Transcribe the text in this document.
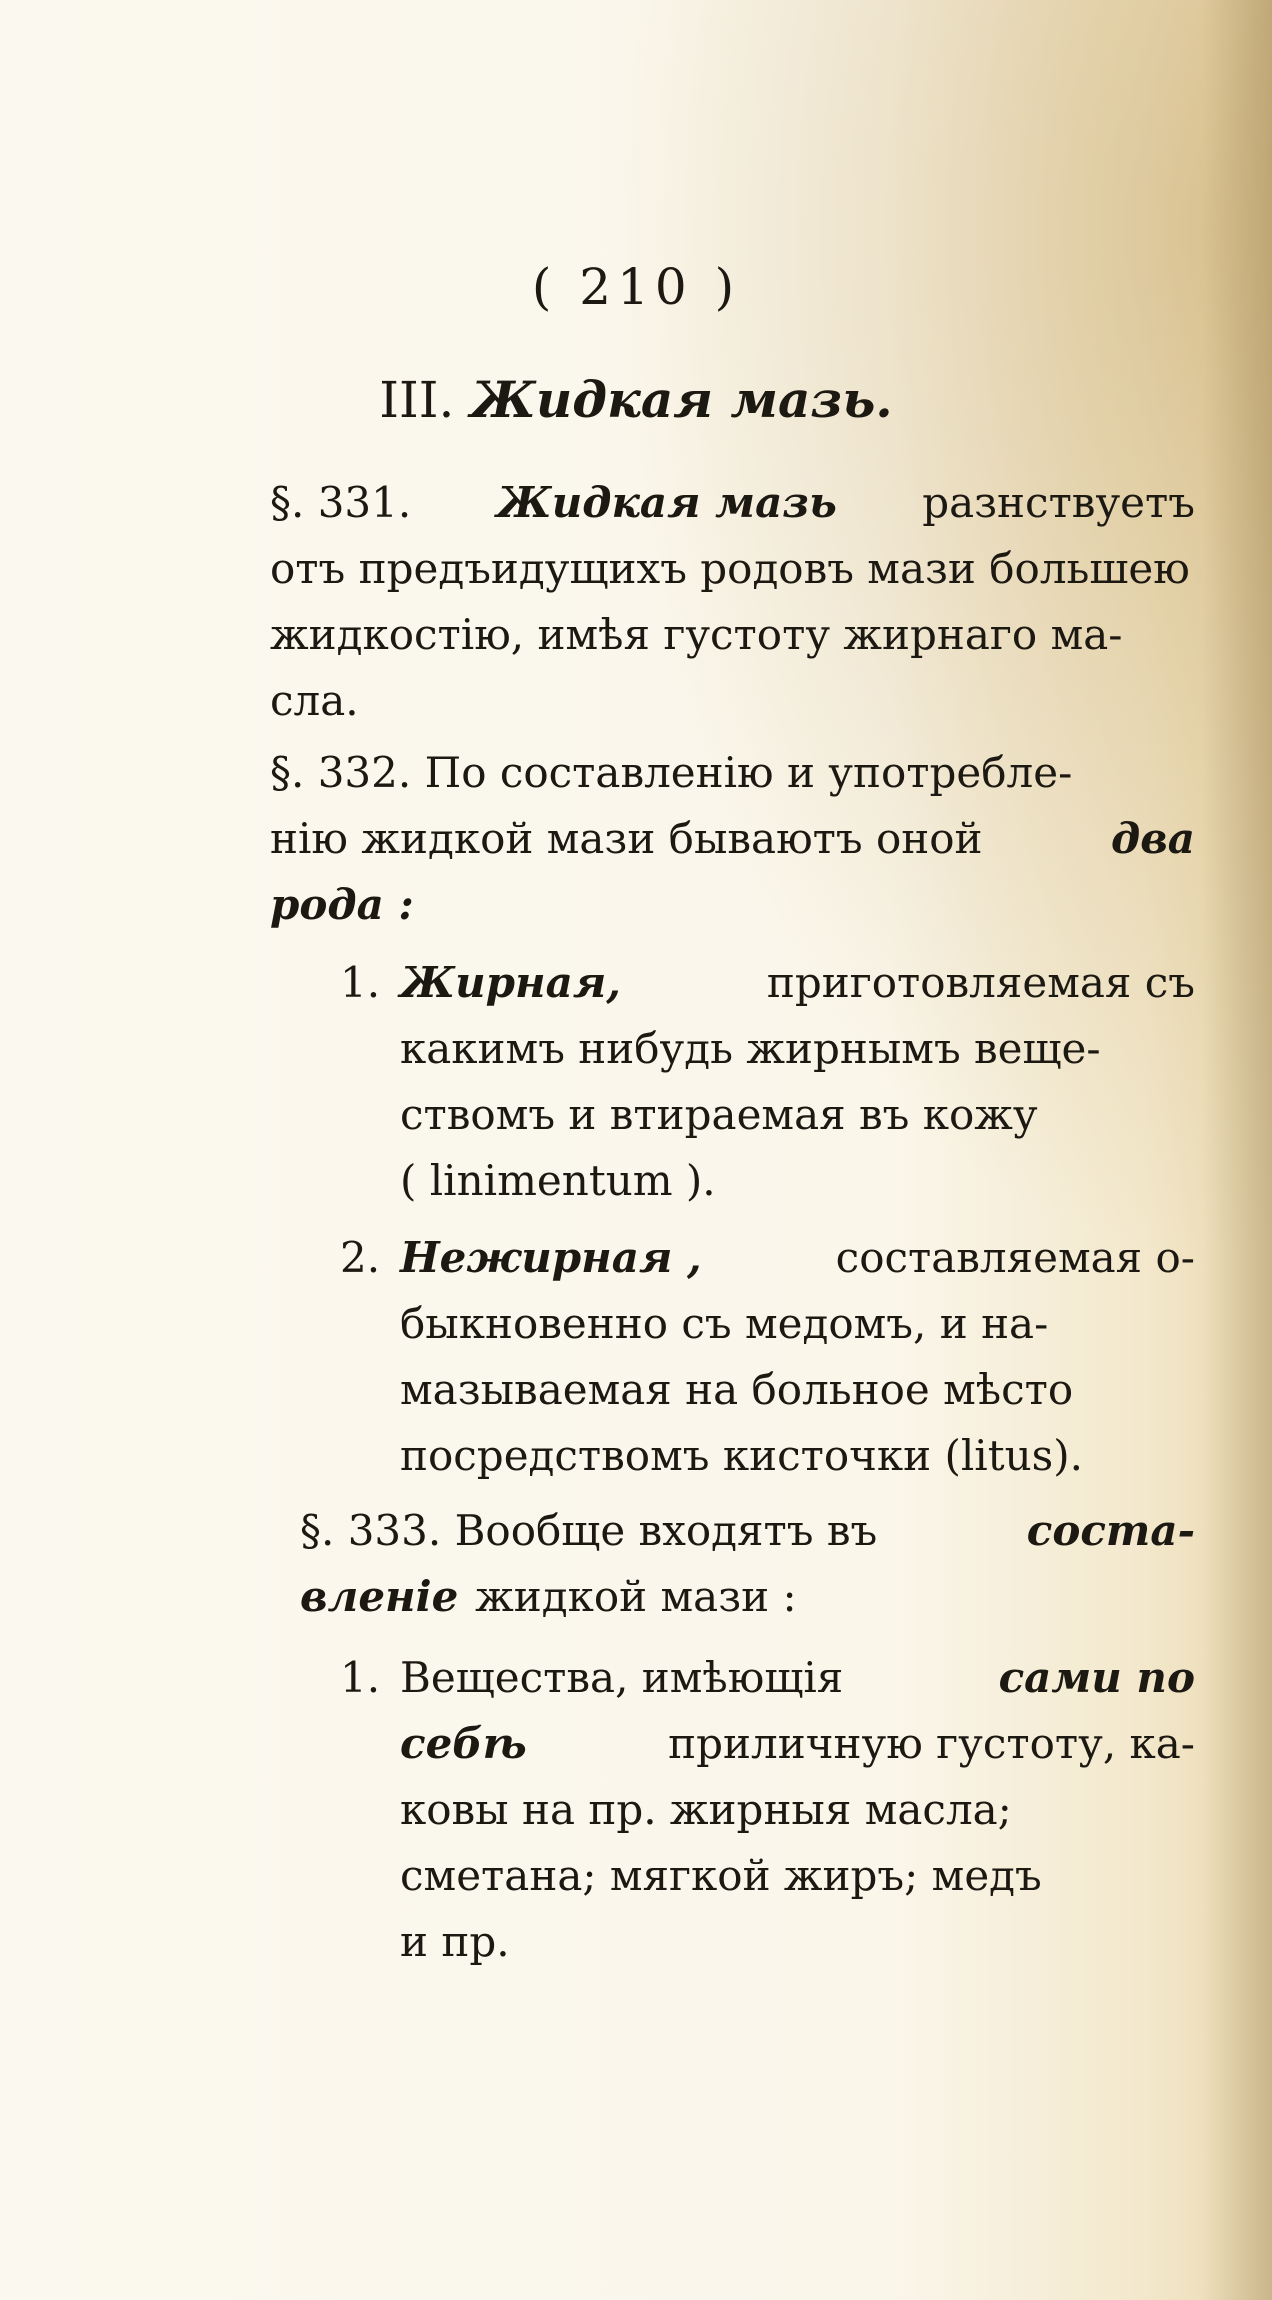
( 210 )
III. Жидкая мазь.
§. 331. Жидкая мазь разнствуетъ
отъ предъидущихъ родовъ мази большею
жидкостiю, имѣя густоту жирнаго ма-
сла.
§. 332. По составленiю и употребле-
нiю жидкой мази бываютъ оной	два
рода :
1. Жирная,	приготовляемая съ
какимъ нибудь жирнымъ веще-
ствомъ и втираемая въ кожу
( linimentum ).
2. Нежирная ,	составляемая о-
быкновенно съ медомъ, и на-
мазываемая на больное мѣсто
посредствомъ кисточки (litus).
§. 333. Вообще входятъ въ	соста-
вленiе жидкой мази :
1. Вещества, имѣющiя	сами по
себѣ	приличную густоту, ка-
ковы на пр. жирныя масла;
сметана; мягкой жиръ; медъ
и пр.
